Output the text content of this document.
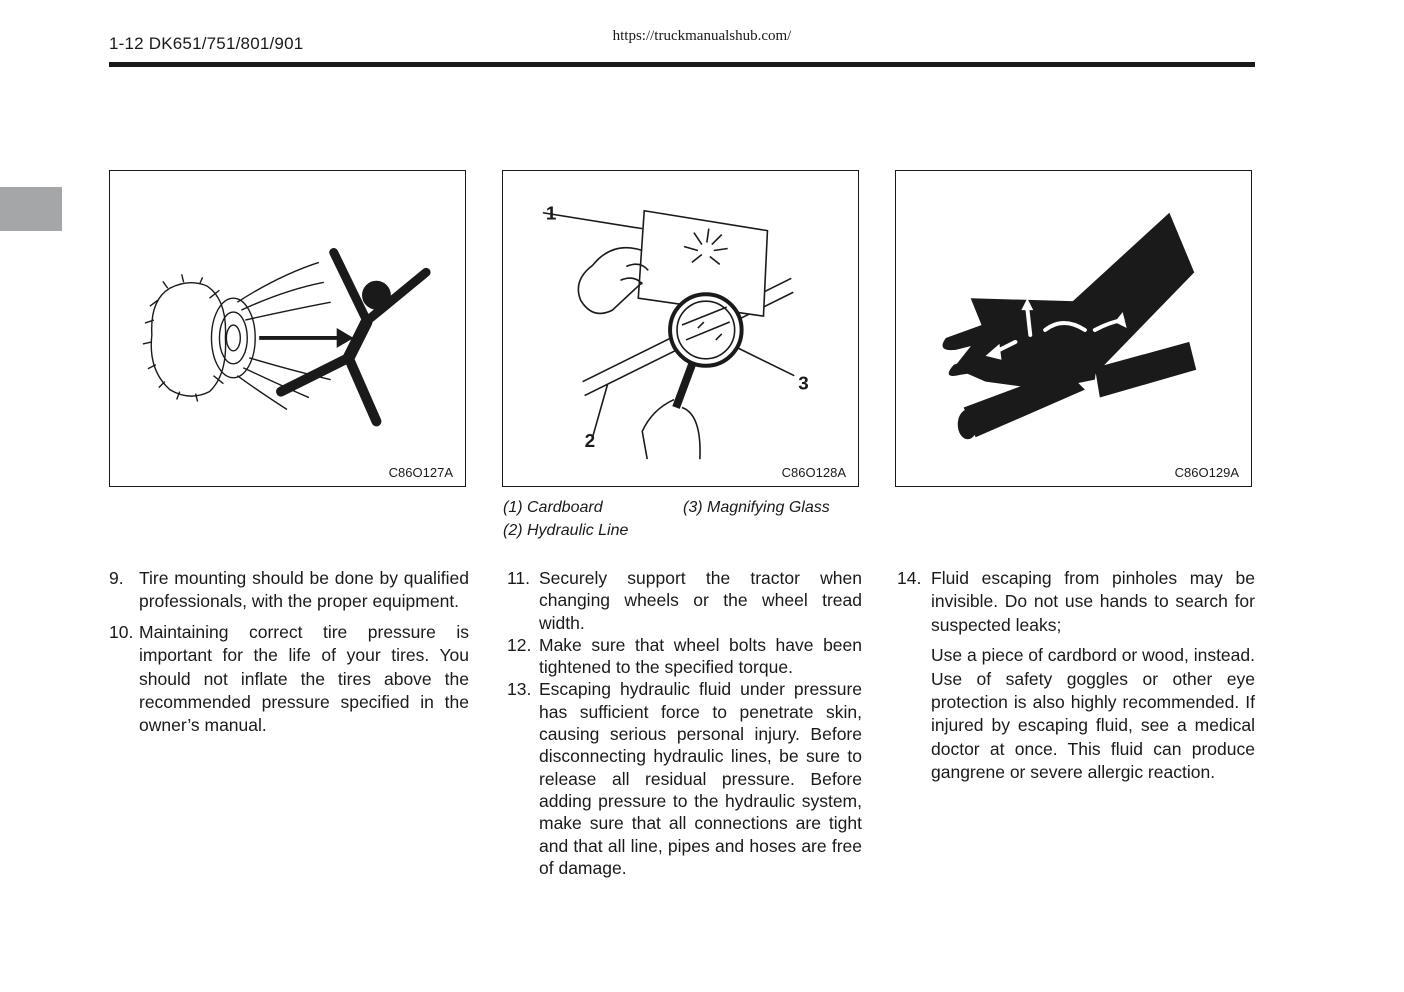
1-12 DK651/751/801/901	https://truckmanualshub.com/
C86O127A
1
2
3
C86O128A	C86O129A
(1) Cardboard	(3) Magnifying Glass
(2) Hydraulic Line
9. Tire mounting should be done by qualified professionals, with the proper equipment.
10. Maintaining correct tire pressure is important for the life of your tires. You should not inflate the tires above the recommended pressure specified in the owner’s manual.
11. Securely support the tractor when changing wheels or the wheel tread width.
12. Make sure that wheel bolts have been tightened to the specified torque.
13. Escaping hydraulic fluid under pressure has sufficient force to penetrate skin, causing serious personal injury. Before disconnecting hydraulic lines, be sure to release all residual pressure. Before adding pressure to the hydraulic system, make sure that all connections are tight and that all line, pipes and hoses are free of damage.
14. Fluid escaping from pinholes may be invisible. Do not use hands to search for suspected leaks;
Use a piece of cardbord or wood, instead. Use of safety goggles or other eye protection is also highly recommended. If injured by escaping fluid, see a medical doctor at once. This fluid can produce gangrene or severe allergic reaction.
